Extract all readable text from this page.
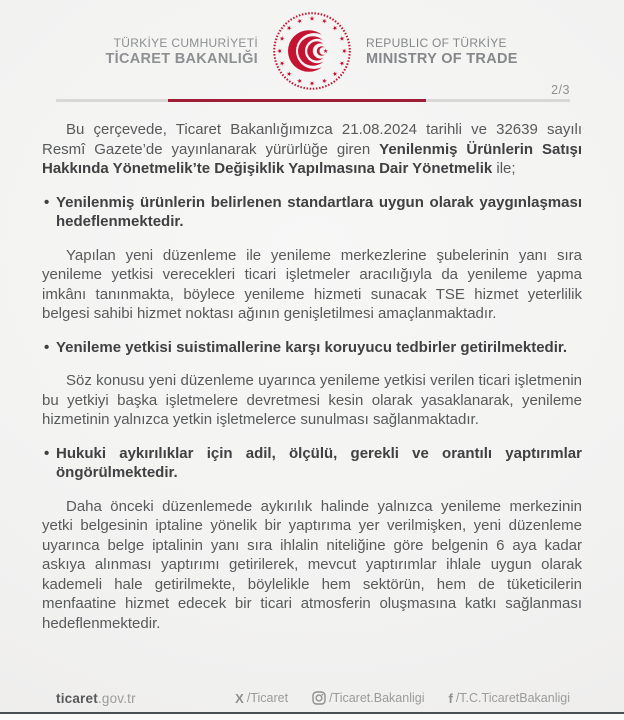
TÜRKİYE CUMHURİYETİ
TİCARET BAKANLIĞI
REPUBLIC OF TÜRKİYE
MINISTRY OF TRADE
2/3

Bu çerçevede, Ticaret Bakanlığımızca 21.08.2024 tarihli ve 32639 sayılı Resmî Gazete’de yayınlanarak yürürlüğe giren Yenilenmiş Ürünlerin Satışı Hakkında Yönetmelik’te Değişiklik Yapılmasına Dair Yönetmelik ile;

• Yenilenmiş ürünlerin belirlenen standartlara uygun olarak yaygınlaşması hedeflenmektedir.

Yapılan yeni düzenleme ile yenileme merkezlerine şubelerinin yanı sıra yenileme yetkisi verecekleri ticari işletmeler aracılığıyla da yenileme yapma imkânı tanınmakta, böylece yenileme hizmeti sunacak TSE hizmet yeterlilik belgesi sahibi hizmet noktası ağının genişletilmesi amaçlanmaktadır.

• Yenileme yetkisi suistimallerine karşı koruyucu tedbirler getirilmektedir.

Söz konusu yeni düzenleme uyarınca yenileme yetkisi verilen ticari işletmenin bu yetkiyi başka işletmelere devretmesi kesin olarak yasaklanarak, yenileme hizmetinin yalnızca yetkin işletmelerce sunulması sağlanmaktadır.

• Hukuki aykırılıklar için adil, ölçülü, gerekli ve orantılı yaptırımlar öngörülmektedir.

Daha önceki düzenlemede aykırılık halinde yalnızca yenileme merkezinin yetki belgesinin iptaline yönelik bir yaptırıma yer verilmişken, yeni düzenleme uyarınca belge iptalinin yanı sıra ihlalin niteliğine göre belgenin 6 aya kadar askıya alınması yaptırımı getirilerek, mevcut yaptırımlar ihlale uygun olarak kademeli hale getirilmekte, böylelikle hem sektörün, hem de tüketicilerin menfaatine hizmet edecek bir ticari atmosferin oluşmasına katkı sağlanması hedeflenmektedir.

ticaret.gov.tr	X /Ticaret	/Ticaret.Bakanligi f /T.C.TicaretBakanligi
